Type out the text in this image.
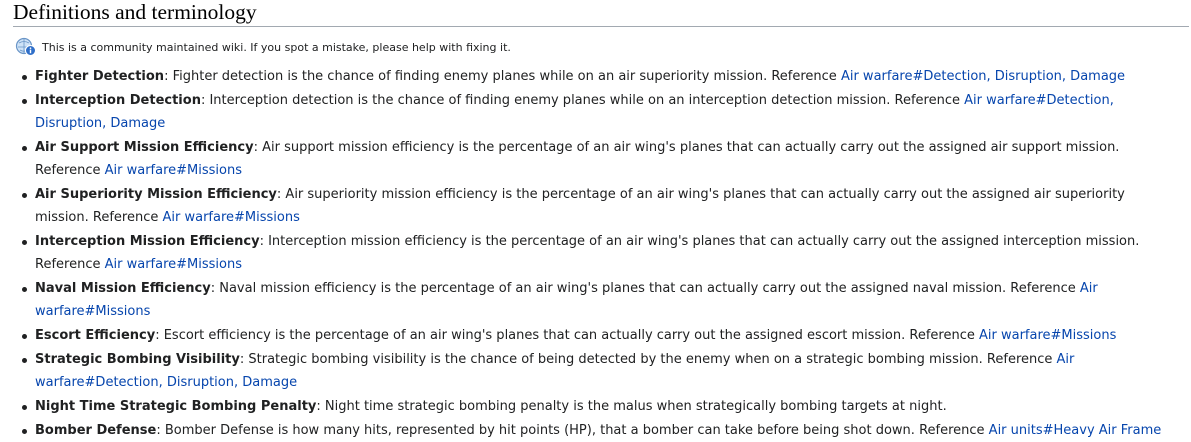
Definitions and terminology
This is a community maintained wiki. If you spot a mistake, please help with fixing it.
Fighter Detection: Fighter detection is the chance of finding enemy planes while on an air superiority mission. Reference Air warfare#Detection, Disruption, Damage
Interception Detection: Interception detection is the chance of finding enemy planes while on an interception detection mission. Reference Air warfare#Detection, Disruption, Damage
Air Support Mission Efficiency: Air support mission efficiency is the percentage of an air wing's planes that can actually carry out the assigned air support mission. Reference Air warfare#Missions
Air Superiority Mission Efficiency: Air superiority mission efficiency is the percentage of an air wing's planes that can actually carry out the assigned air superiority mission. Reference Air warfare#Missions
Interception Mission Efficiency: Interception mission efficiency is the percentage of an air wing's planes that can actually carry out the assigned interception mission. Reference Air warfare#Missions
Naval Mission Efficiency: Naval mission efficiency is the percentage of an air wing's planes that can actually carry out the assigned naval mission. Reference Air warfare#Missions
Escort Efficiency: Escort efficiency is the percentage of an air wing's planes that can actually carry out the assigned escort mission. Reference Air warfare#Missions
Strategic Bombing Visibility: Strategic bombing visibility is the chance of being detected by the enemy when on a strategic bombing mission. Reference Air warfare#Detection, Disruption, Damage
Night Time Strategic Bombing Penalty: Night time strategic bombing penalty is the malus when strategically bombing targets at night.
Bomber Defense: Bomber Defense is how many hits, represented by hit points (HP), that a bomber can take before being shot down. Reference Air units#Heavy Air Frame
